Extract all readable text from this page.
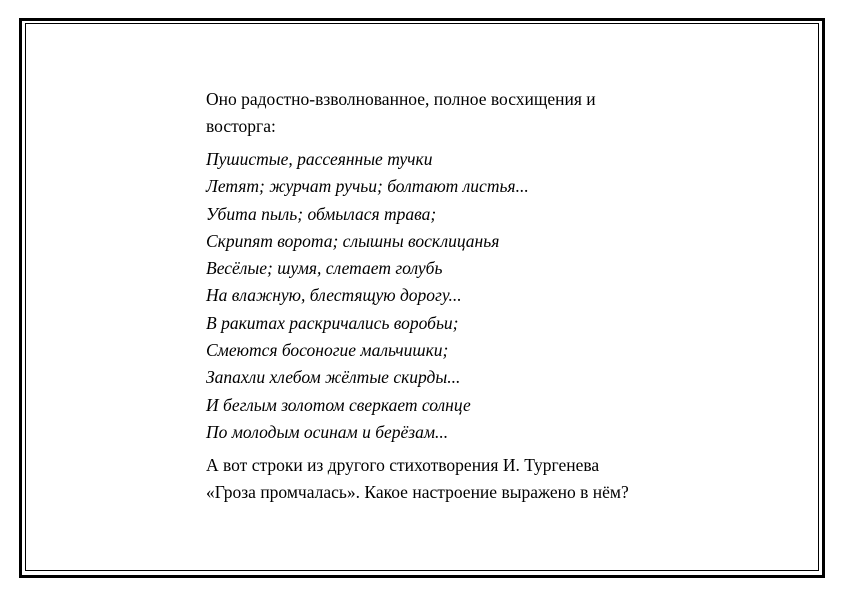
Оно радостно-взволнованное, полное восхищения и
восторга:

Пушистые, рассеянные тучки
Летят; журчат ручьи; болтают листья...
Убита пыль; обмылася трава;
Скрипят ворота; слышны восклицанья
Весёлые; шумя, слетает голубь
На влажную, блестящую дорогу...
В ракитах раскричались воробьи;
Смеются босоногие мальчишки;
Запахли хлебом жёлтые скирды...
И беглым золотом сверкает солнце
По молодым осинам и берёзам...

А вот строки из другого стихотворения И. Тургенева
«Гроза промчалась». Какое настроение выражено в нём?
